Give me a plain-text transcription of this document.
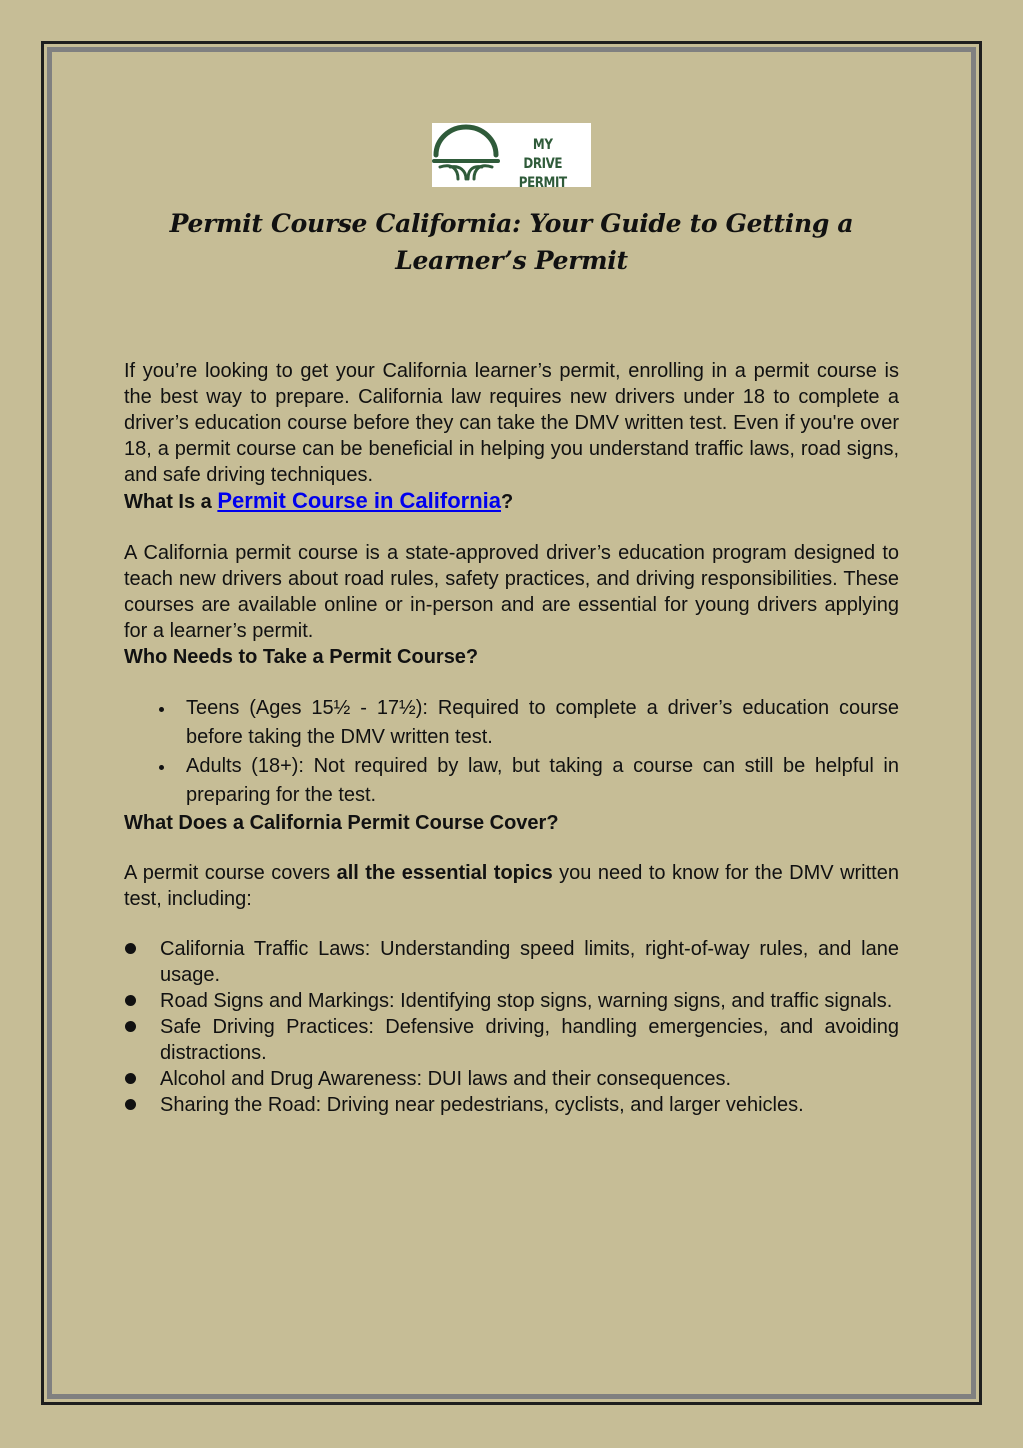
MY DRIVE
PERMIT
Permit Course California: Your Guide to Getting a
Learner’s Permit

If you’re looking to get your California learner’s permit, enrolling in a permit course is the best way to prepare. California law requires new drivers under 18 to complete a driver’s education course before they can take the DMV written test. Even if you're over 18, a permit course can be beneficial in helping you understand traffic laws, road signs, and safe driving techniques.

What Is a Permit Course in California?

A California permit course is a state-approved driver’s education program designed to teach new drivers about road rules, safety practices, and driving responsibilities. These courses are available online or in-person and are essential for young drivers applying for a learner’s permit.

Who Needs to Take a Permit Course?

Teens (Ages 15½ - 17½): Required to complete a driver’s education course before taking the DMV written test.
Adults (18+): Not required by law, but taking a course can still be helpful in preparing for the test.

What Does a California Permit Course Cover?

A permit course covers all the essential topics you need to know for the DMV written test, including:

California Traffic Laws: Understanding speed limits, right-of-way rules, and lane usage.
Road Signs and Markings: Identifying stop signs, warning signs, and traffic signals.
Safe Driving Practices: Defensive driving, handling emergencies, and avoiding distractions.
Alcohol and Drug Awareness: DUI laws and their consequences.
Sharing the Road: Driving near pedestrians, cyclists, and larger vehicles.
